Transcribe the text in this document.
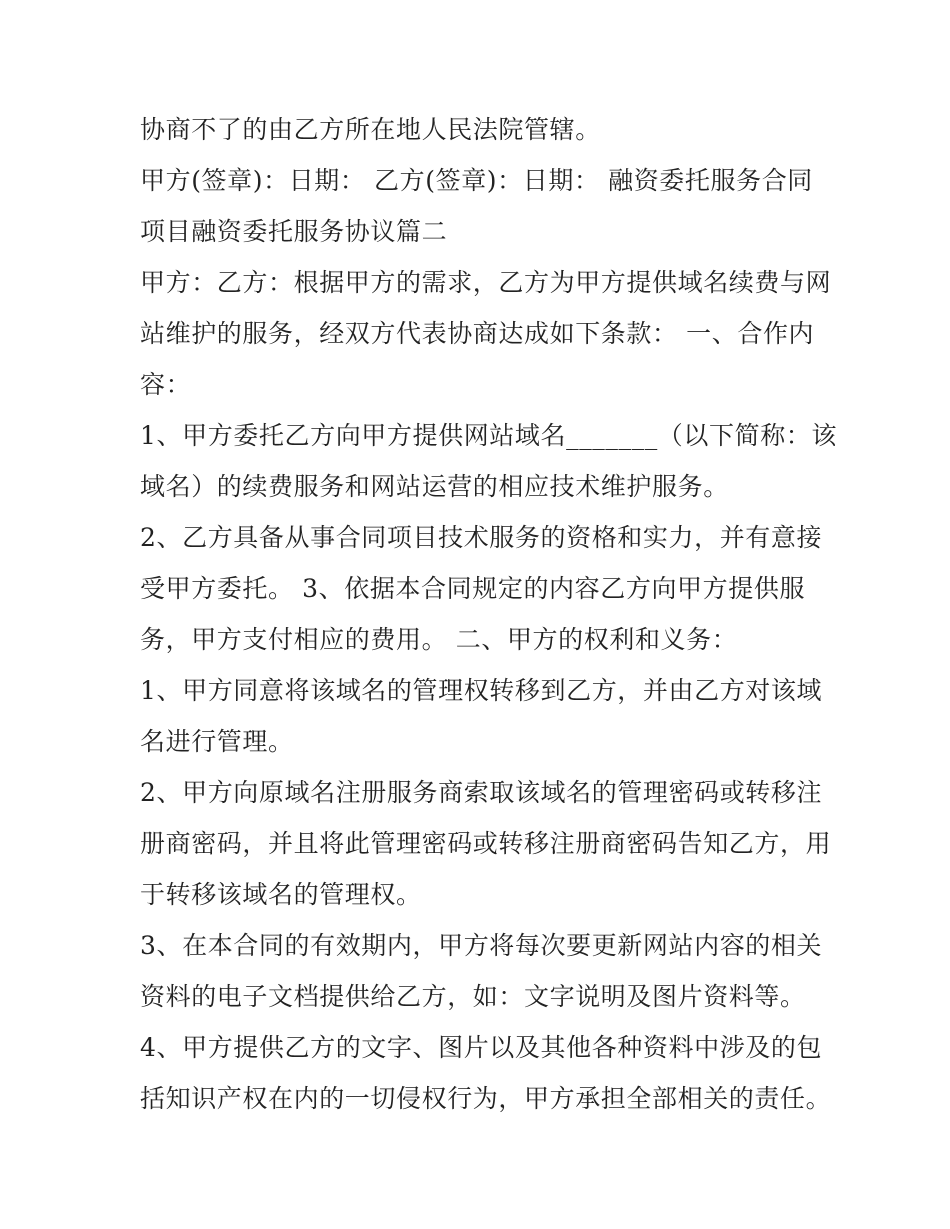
协商不了的由乙方所在地人民法院管辖。
甲方(签章)：日期： 乙方(签章)：日期： 融资委托服务合同
项目融资委托服务协议篇二
甲方：乙方：根据甲方的需求，乙方为甲方提供域名续费与网
站维护的服务，经双方代表协商达成如下条款： 一、合作内
容：
1、甲方委托乙方向甲方提供网站域名_______（以下简称：该
域名）的续费服务和网站运营的相应技术维护服务。
2、乙方具备从事合同项目技术服务的资格和实力，并有意接
受甲方委托。 3、依据本合同规定的内容乙方向甲方提供服
务，甲方支付相应的费用。 二、甲方的权利和义务：
1、甲方同意将该域名的管理权转移到乙方，并由乙方对该域
名进行管理。
2、甲方向原域名注册服务商索取该域名的管理密码或转移注
册商密码，并且将此管理密码或转移注册商密码告知乙方，用
于转移该域名的管理权。
3、在本合同的有效期内，甲方将每次要更新网站内容的相关
资料的电子文档提供给乙方，如：文字说明及图片资料等。
4、甲方提供乙方的文字、图片以及其他各种资料中涉及的包
括知识产权在内的一切侵权行为，甲方承担全部相关的责任。
